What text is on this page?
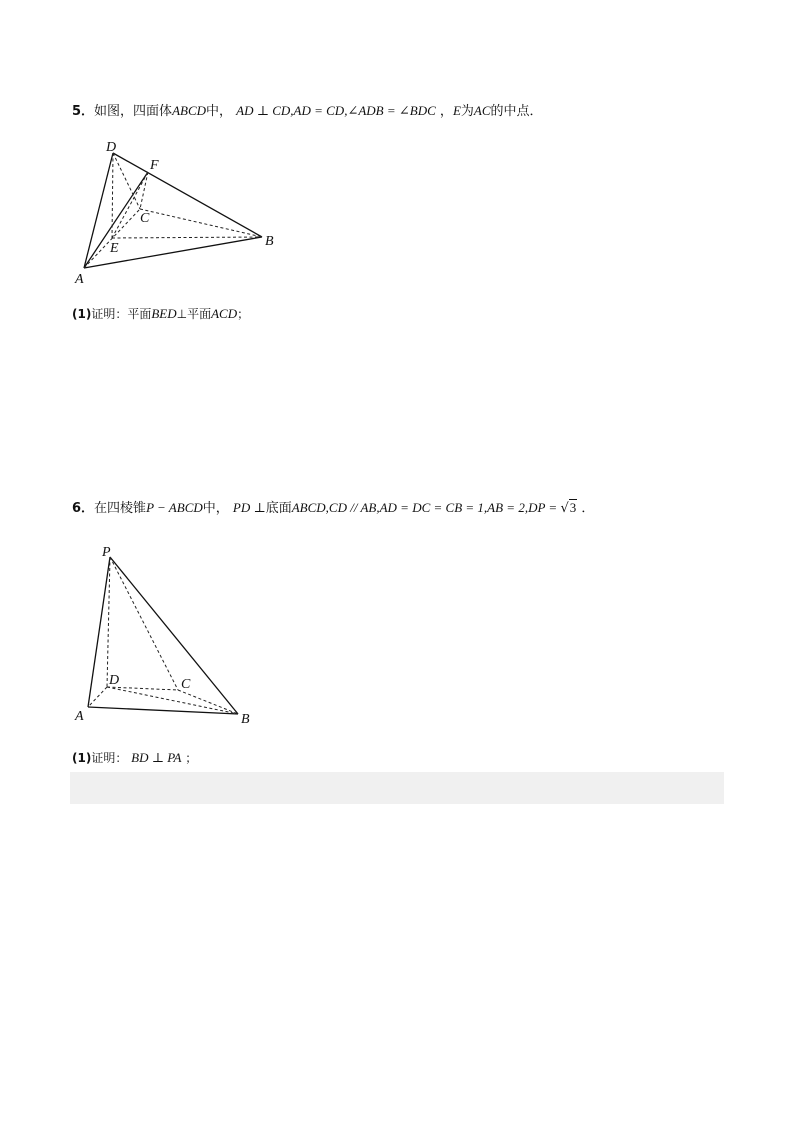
5．如图，四面体ABCD中， AD ⊥ CD,AD = CD,∠ADB = ∠BDC ，E为AC的中点．
D
F
C
E	B
A
(1)证明：平面BED⊥平面ACD；
6．在四棱锥P − ABCD中， PD ⊥底面ABCD,CD // AB,AD = DC = CB = 1,AB = 2,DP = √3 ．
P
D	C
A	B
(1)证明： BD ⊥ PA ；
